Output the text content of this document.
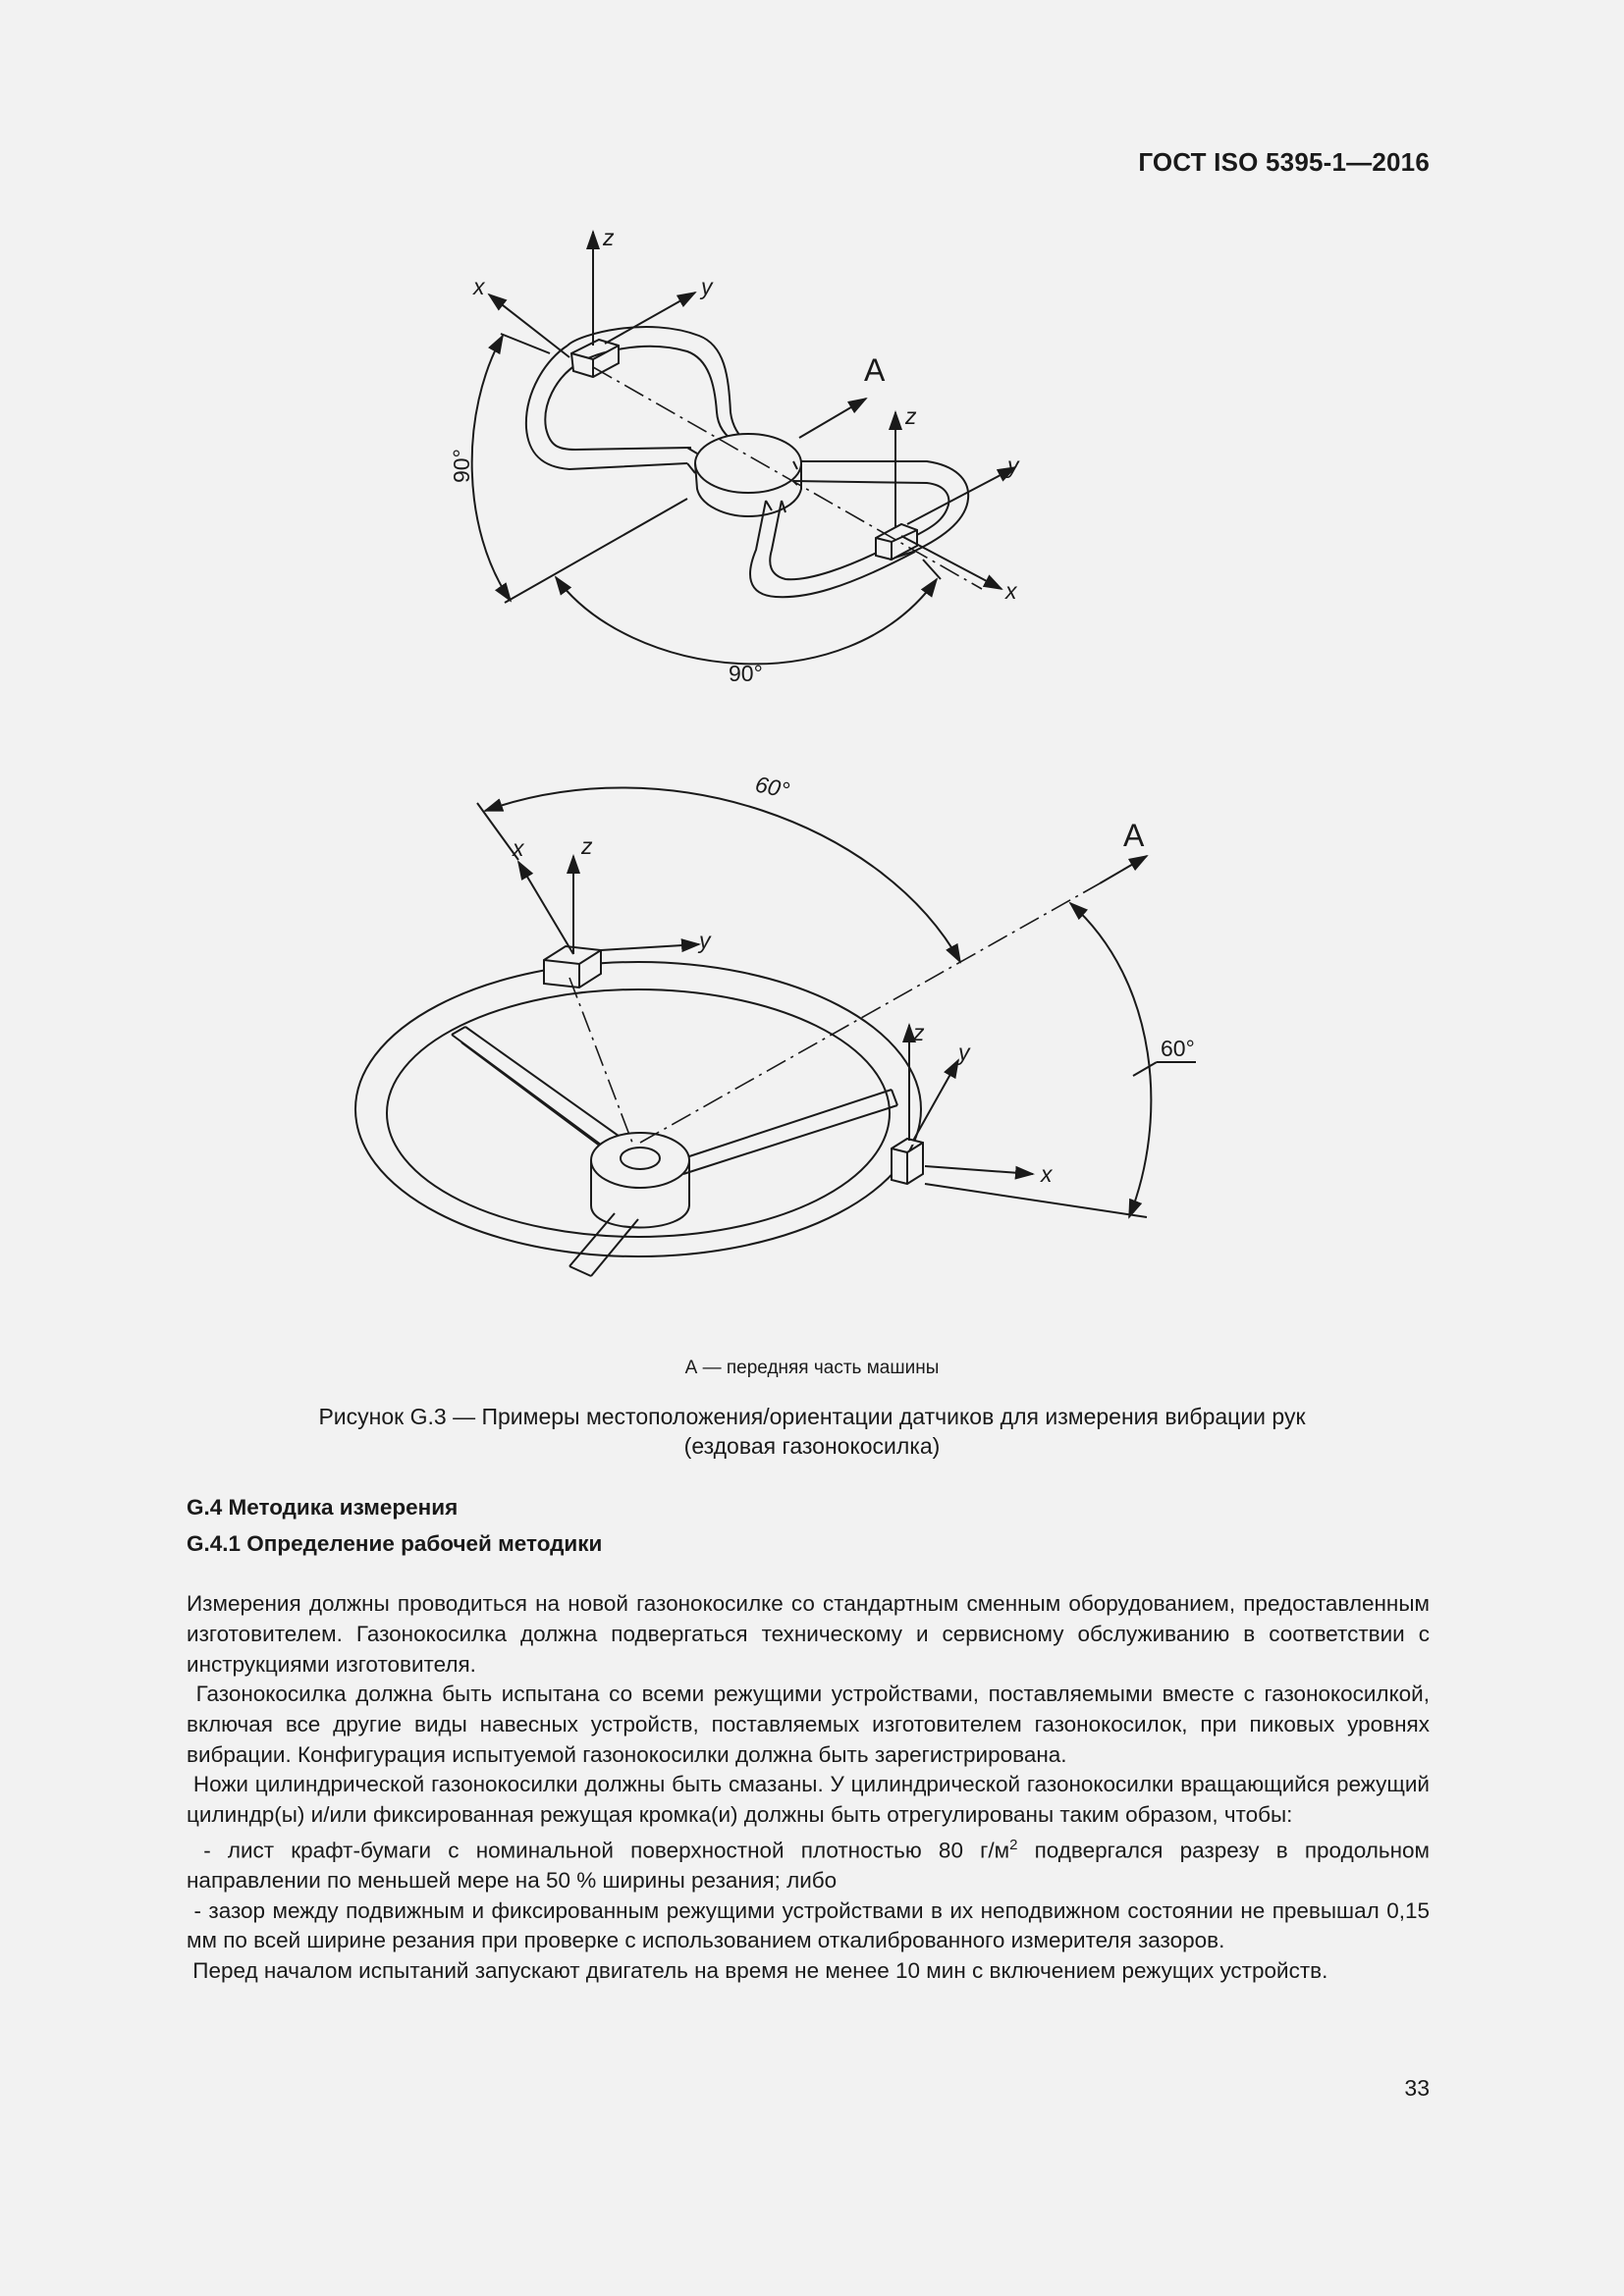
ГОСТ ISO 5395-1—2016
z
x	y
A
z
y
x
90°
90°
60°
A
x	z
y
z
y	60°
x
А — передняя часть машины
Рисунок G.3 — Примеры местоположения/ориентации датчиков для измерения вибрации рук
(ездовая газонокосилка)
G.4 Методика измерения
G.4.1 Определение рабочей методики
Измерения должны проводиться на новой газонокосилке со стандартным сменным оборудованием, предоставленным изготовителем. Газонокосилка должна подвергаться техническому и сервисному обслуживанию в соответствии с инструкциями изготовителя.
Газонокосилка должна быть испытана со всеми режущими устройствами, поставляемыми вместе с газонокосилкой, включая все другие виды навесных устройств, поставляемых изготовителем газонокосилок, при пиковых уровнях вибрации. Конфигурация испытуемой газонокосилки должна быть зарегистрирована.
Ножи цилиндрической газонокосилки должны быть смазаны. У цилиндрической газонокосилки вращающийся режущий цилиндр(ы) и/или фиксированная режущая кромка(и) должны быть отрегулированы таким образом, чтобы:
- лист крафт-бумаги с номинальной поверхностной плотностью 80 $г/м^2$ подвергался разрезу в продольном направлении по меньшей мере на 50 % ширины резания; либо
- зазор между подвижным и фиксированным режущими устройствами в их неподвижном состоянии не превышал 0,15 мм по всей ширине резания при проверке с использованием откалиброванного измерителя зазоров.
Перед началом испытаний запускают двигатель на время не менее 10 мин с включением режущих устройств.
33
